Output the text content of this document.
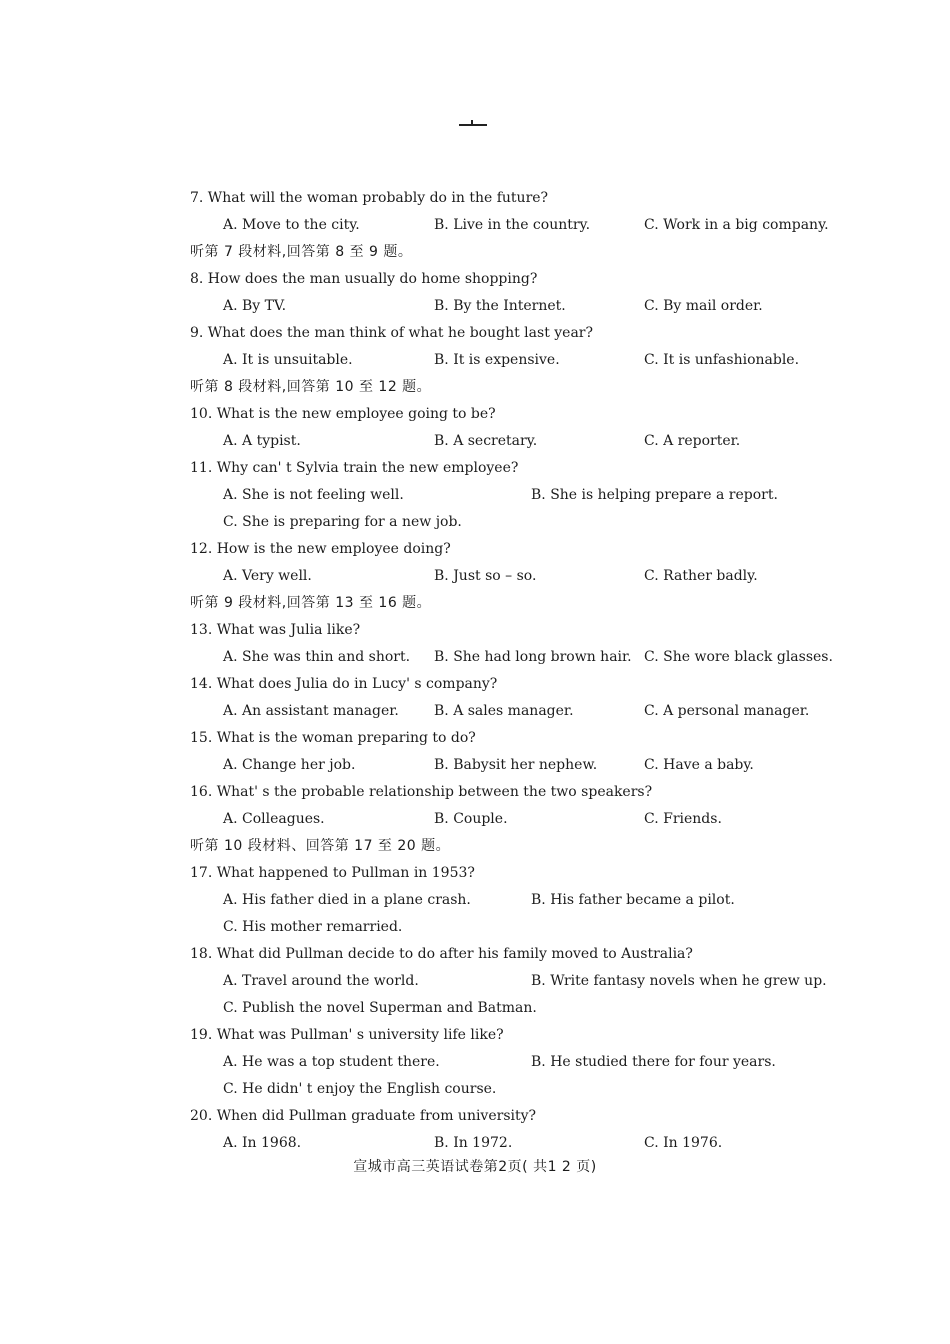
7. What will the woman probably do in the future?
A. Move to the city.	B. Live in the country.	C. Work in a big company.
听第 7 段材料,回答第 8 至 9 题。
8. How does the man usually do home shopping?
A. By TV.	B. By the Internet.	C. By mail order.
9. What does the man think of what he bought last year?
A. It is unsuitable.	B. It is expensive.	C. It is unfashionable.
听第 8 段材料,回答第 10 至 12 题。
10. What is the new employee going to be?
A. A typist.	B. A secretary.	C. A reporter.
11. Why can' t Sylvia train the new employee?
A. She is not feeling well.	B. She is helping prepare a report.
C. She is preparing for a new job.
12. How is the new employee doing?
A. Very well.	B. Just so – so.	C. Rather badly.
听第 9 段材料,回答第 13 至 16 题。
13. What was Julia like?
A. She was thin and short. B. She had long brown hair. C. She wore black glasses.
14. What does Julia do in Lucy' s company?
A. An assistant manager.	B. A sales manager.	C. A personal manager.
15. What is the woman preparing to do?
A. Change her job.	B. Babysit her nephew.	C. Have a baby.
16. What' s the probable relationship between the two speakers?
A. Colleagues.	B. Couple.	C. Friends.
听第 10 段材料、回答第 17 至 20 题。
17. What happened to Pullman in 1953?
A. His father died in a plane crash.	B. His father became a pilot.
C. His mother remarried.
18. What did Pullman decide to do after his family moved to Australia?
A. Travel around the world.	B. Write fantasy novels when he grew up.
C. Publish the novel Superman and Batman.
19. What was Pullman' s university life like?
A. He was a top student there.	B. He studied there for four years.
C. He didn' t enjoy the English course.
20. When did Pullman graduate from university?
A. In 1968.	B. In 1972.	C. In 1976.
宣城市高三英语试卷第2页( 共1 2 页)
